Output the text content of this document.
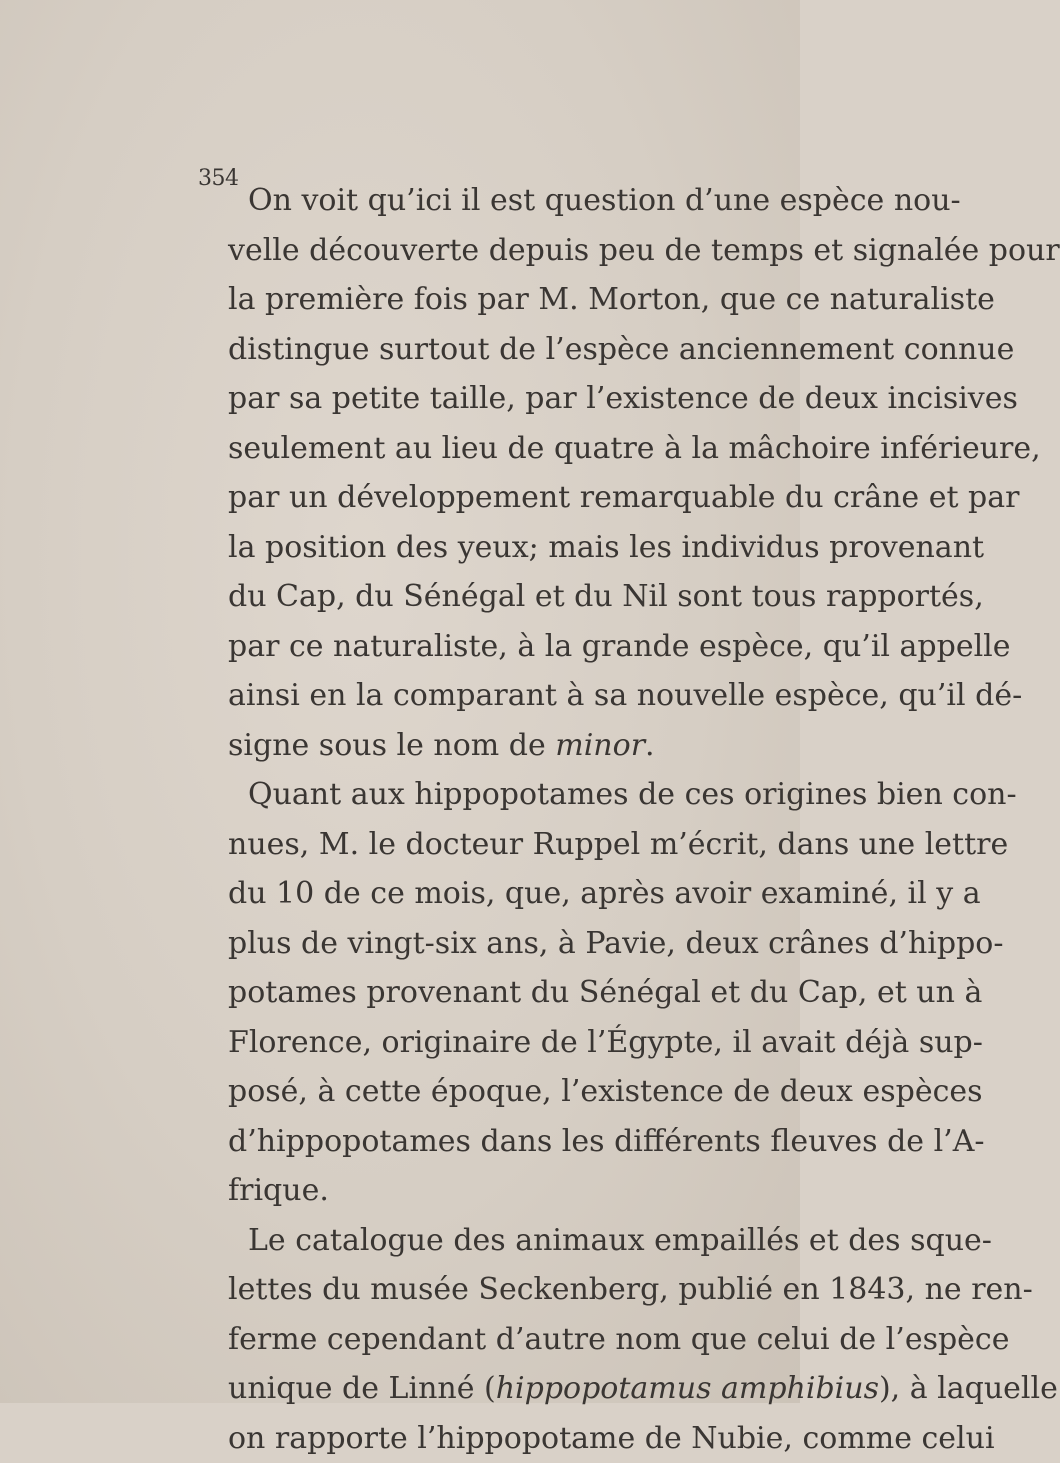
354
On voit qu’ici il est question d’une espèce nou-
velle découverte depuis peu de temps et signalée pour
la première fois par M. Morton, que ce naturaliste
distingue surtout de l’espèce anciennement connue
par sa petite taille, par l’existence de deux incisives
seulement au lieu de quatre à la mâchoire inférieure,
par un développement remarquable du crâne et par
la position des yeux; mais les individus provenant
du Cap, du Sénégal et du Nil sont tous rapportés,
par ce naturaliste, à la grande espèce, qu’il appelle
ainsi en la comparant à sa nouvelle espèce, qu’il dé-
signe sous le nom de minor.
Quant aux hippopotames de ces origines bien con-
nues, M. le docteur Ruppel m’écrit, dans une lettre
du 10 de ce mois, que, après avoir examiné, il y a
plus de vingt-six ans, à Pavie, deux crânes d’hippo-
potames provenant du Sénégal et du Cap, et un à
Florence, originaire de l’Égypte, il avait déjà sup-
posé, à cette époque, l’existence de deux espèces
d’hippopotames dans les différents fleuves de l’A-
frique.
Le catalogue des animaux empaillés et des sque-
lettes du musée Seckenberg, publié en 1843, ne ren-
ferme cependant d’autre nom que celui de l’espèce
unique de Linné (hippopotamus amphibius), à laquelle
on rapporte l’hippopotame de Nubie, comme celui
